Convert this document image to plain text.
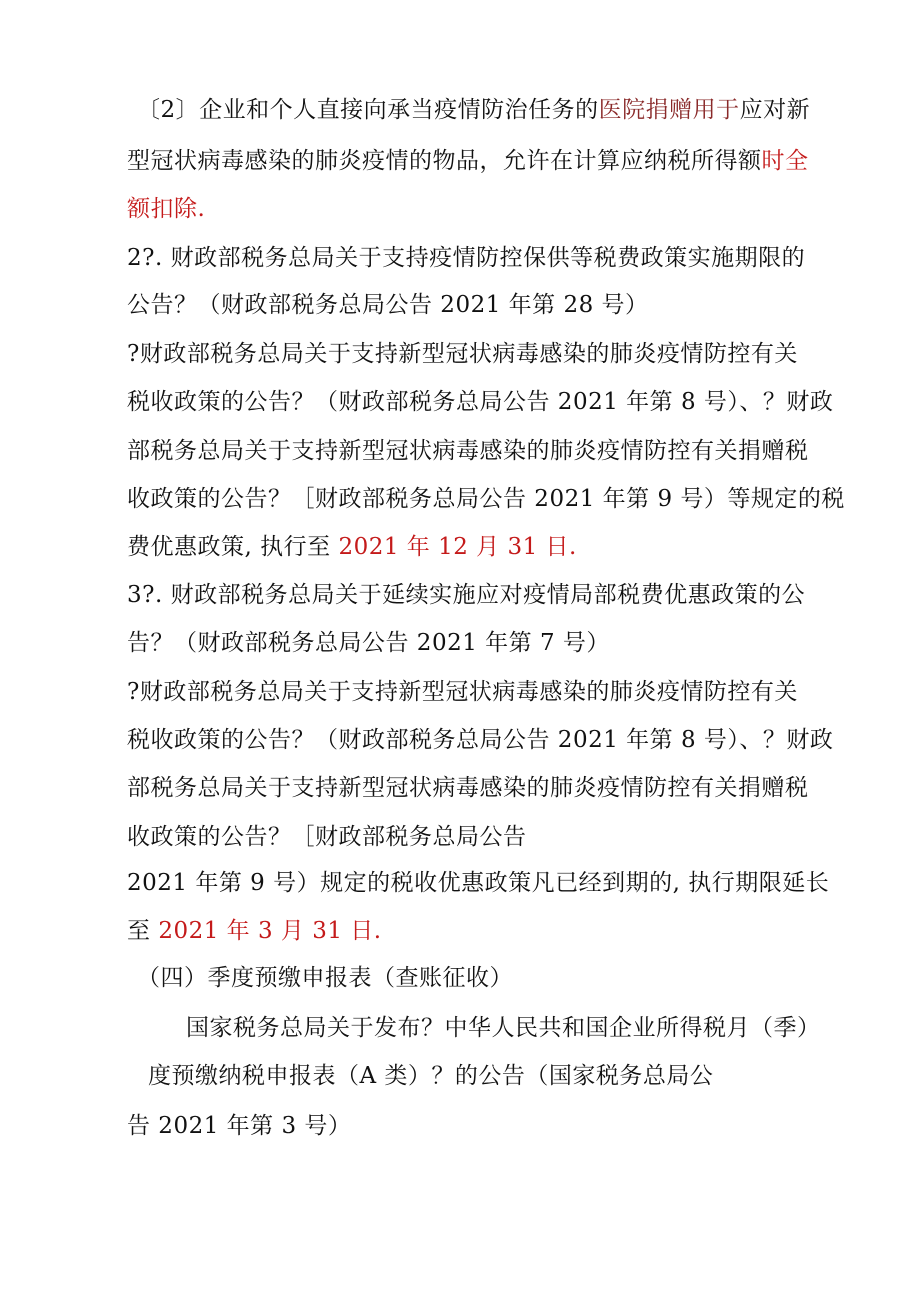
〔2〕企业和个人直接向承当疫情防治任务的医院捐赠用于应对新
型冠状病毒感染的肺炎疫情的物品，允许在计算应纳税所得额时全
额扣除.
2?. 财政部税务总局关于支持疫情防控保供等税费政策实施期限的
公告？（财政部税务总局公告 2021 年第 28 号）
?财政部税务总局关于支持新型冠状病毒感染的肺炎疫情防控有关
税收政策的公告？（财政部税务总局公告 2021 年第 8 号）、？财政
部税务总局关于支持新型冠状病毒感染的肺炎疫情防控有关捐赠税
收政策的公告？［财政部税务总局公告 2021 年第 9 号）等规定的税
费优惠政策, 执行至 2021 年 12 月 31 日.
3?. 财政部税务总局关于延续实施应对疫情局部税费优惠政策的公
告？（财政部税务总局公告 2021 年第 7 号）
?财政部税务总局关于支持新型冠状病毒感染的肺炎疫情防控有关
税收政策的公告？（财政部税务总局公告 2021 年第 8 号）、？财政
部税务总局关于支持新型冠状病毒感染的肺炎疫情防控有关捐赠税
收政策的公告？［财政部税务总局公告
2021 年第 9 号）规定的税收优惠政策凡已经到期的, 执行期限延长
至 2021 年 3 月 31 日.
（四）季度预缴申报表（查账征收）
国家税务总局关于发布？中华人民共和国企业所得税月（季）
度预缴纳税申报表（A 类）？的公告（国家税务总局公
告 2021 年第 3 号）
